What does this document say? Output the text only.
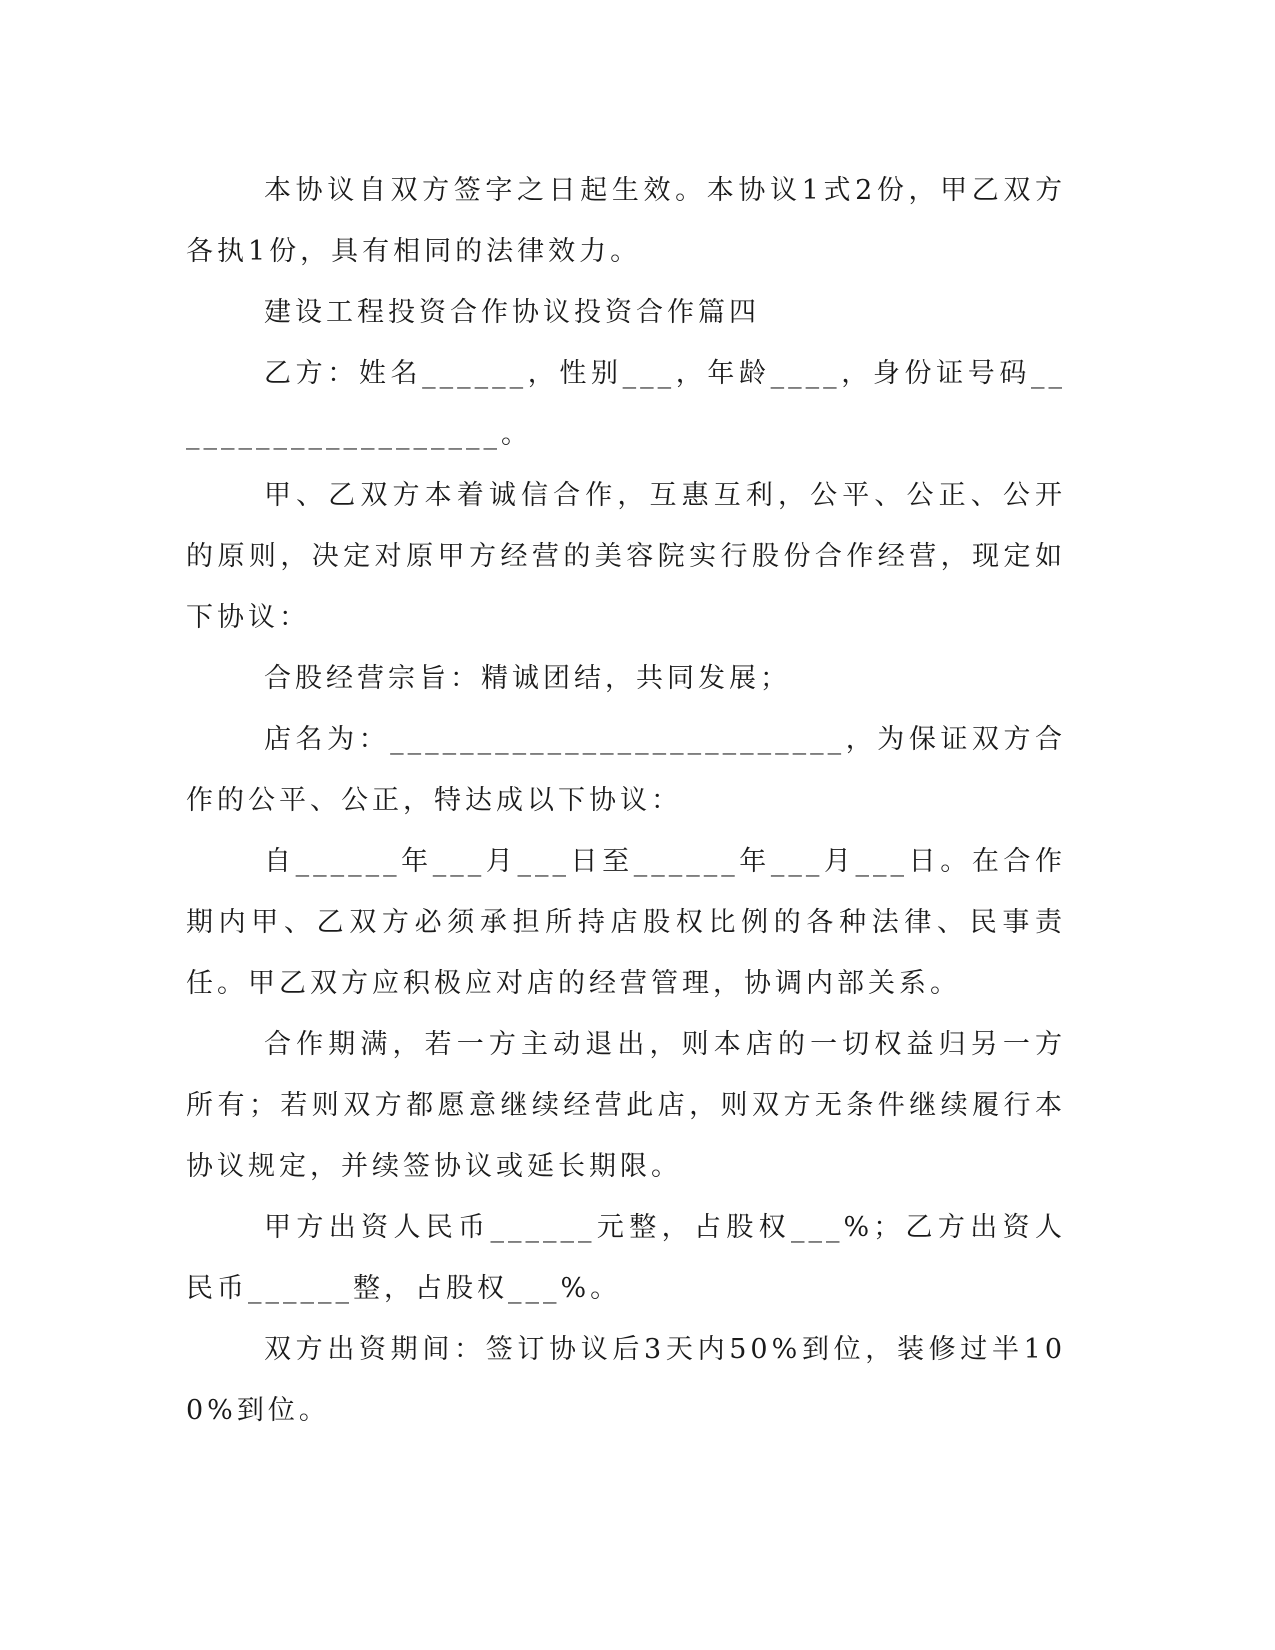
本协议自双方签字之日起生效。本协议1式2份，甲乙双方各执1份，具有相同的法律效力。

建设工程投资合作协议投资合作篇四

乙方：姓名______，性别___，年龄____，身份证号码____________________。

甲、乙双方本着诚信合作，互惠互利，公平、公正、公开的原则，决定对原甲方经营的美容院实行股份合作经营，现定如下协议：

合股经营宗旨：精诚团结，共同发展；

店名为：__________________________，为保证双方合作的公平、公正，特达成以下协议：

自______年___月___日至______年___月___日。在合作期内甲、乙双方必须承担所持店股权比例的各种法律、民事责任。甲乙双方应积极应对店的经营管理，协调内部关系。

合作期满，若一方主动退出，则本店的一切权益归另一方所有；若则双方都愿意继续经营此店，则双方无条件继续履行本协议规定，并续签协议或延长期限。

甲方出资人民币______元整，占股权___%；乙方出资人民币______整，占股权___%。

双方出资期间：签订协议后3天内50%到位，装修过半100%到位。
